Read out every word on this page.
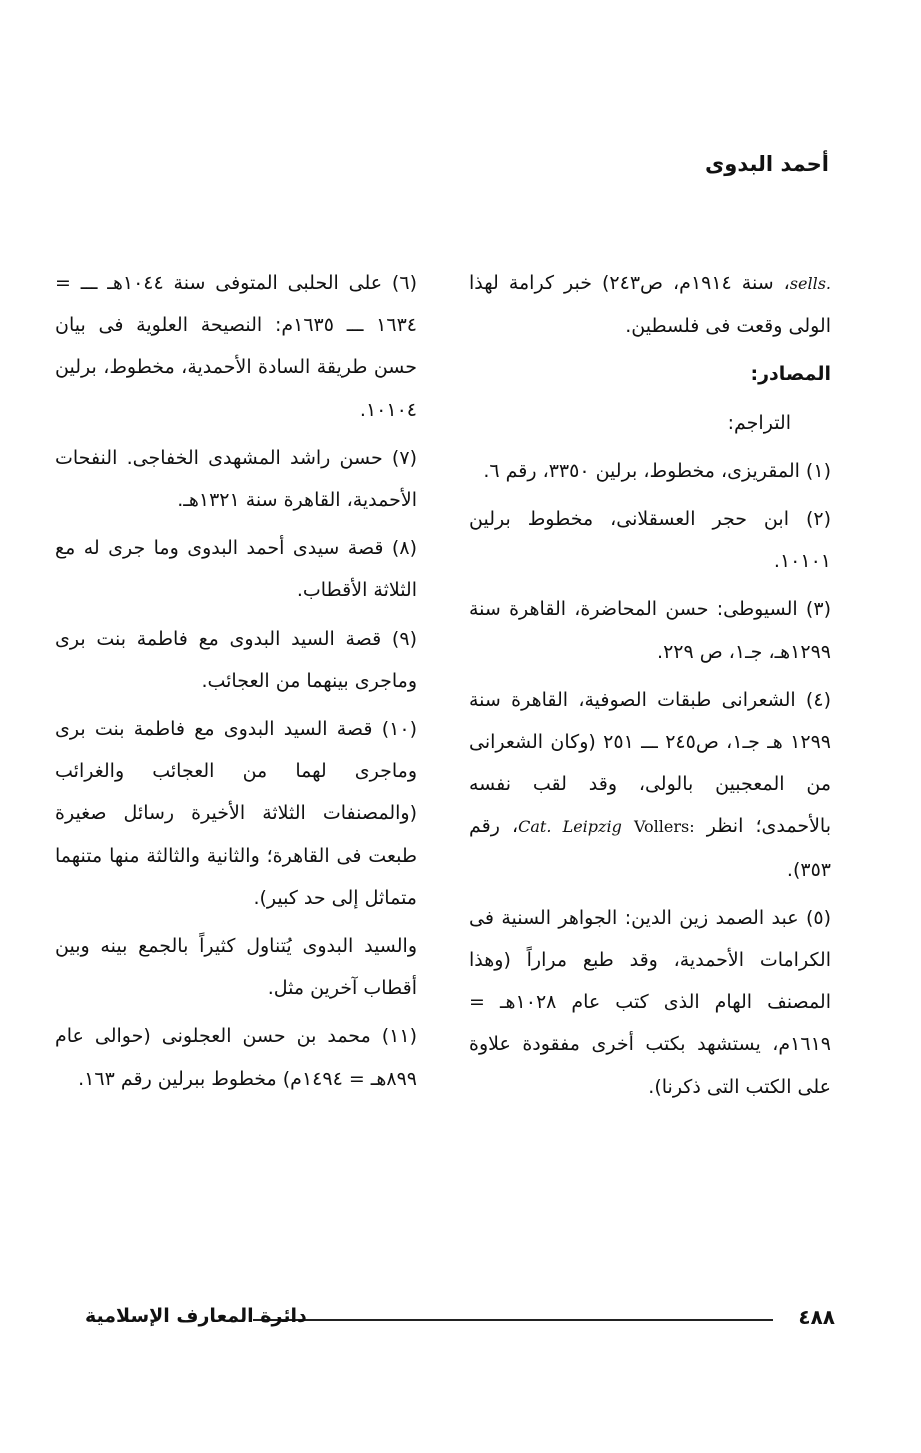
أحمد البدوى

sells.، سنة ١٩١٤م، ص٢٤٣) خبر كرامة لهذا الولى وقعت فى فلسطين.

المصادر:

التراجم:

(١) المقريزى، مخطوط، برلين ٣٣٥٠، رقم ٦.

(٢) ابن حجر العسقلانى، مخطوط برلين ١٠١٠١.

(٣) السيوطى: حسن المحاضرة، القاهرة سنة ١٢٩٩هـ، جـ١، ص ٢٢٩.

(٤) الشعرانى طبقات الصوفية، القاهرة سنة ١٢٩٩ هـ جـ١، ص٢٤٥ ـــ ٢٥١ (وكان الشعرانى من المعجبين بالولى، وقد لقب نفسه بالأحمدى؛ انظر Vollers: Cat. Leipzig، رقم ٣٥٣).

(٥) عبد الصمد زين الدين: الجواهر السنية فى الكرامات الأحمدية، وقد طبع مراراً (وهذا المصنف الهام الذى كتب عام ١٠٢٨هـ = ١٦١٩م، يستشهد بكتب أخرى مفقودة علاوة على الكتب التى ذكرنا).

(٦) على الحلبى المتوفى سنة ١٠٤٤هـ ـــ = ١٦٣٤ ـــ ١٦٣٥م: النصيحة العلوية فى بيان حسن طريقة السادة الأحمدية، مخطوط، برلين ١٠١٠٤.

(٧) حسن راشد المشهدى الخفاجى. النفحات الأحمدية، القاهرة سنة ١٣٢١هـ.

(٨) قصة سيدى أحمد البدوى وما جرى له مع الثلاثة الأقطاب.

(٩) قصة السيد البدوى مع فاطمة بنت برى وماجرى بينهما من العجائب.

(١٠) قصة السيد البدوى مع فاطمة بنت برى وماجرى لهما من العجائب والغرائب (والمصنفات الثلاثة الأخيرة رسائل صغيرة طبعت فى القاهرة؛ والثانية والثالثة منها متنهما متماثل إلى حد كبير).

والسيد البدوى يُتناول كثيراً بالجمع بينه وبين أقطاب آخرين مثل.

(١١) محمد بن حسن العجلونى (حوالى عام ٨٩٩هـ = ١٤٩٤م) مخطوط ببرلين رقم ١٦٣.

٤٨٨
دائرة المعارف الإسلامية
